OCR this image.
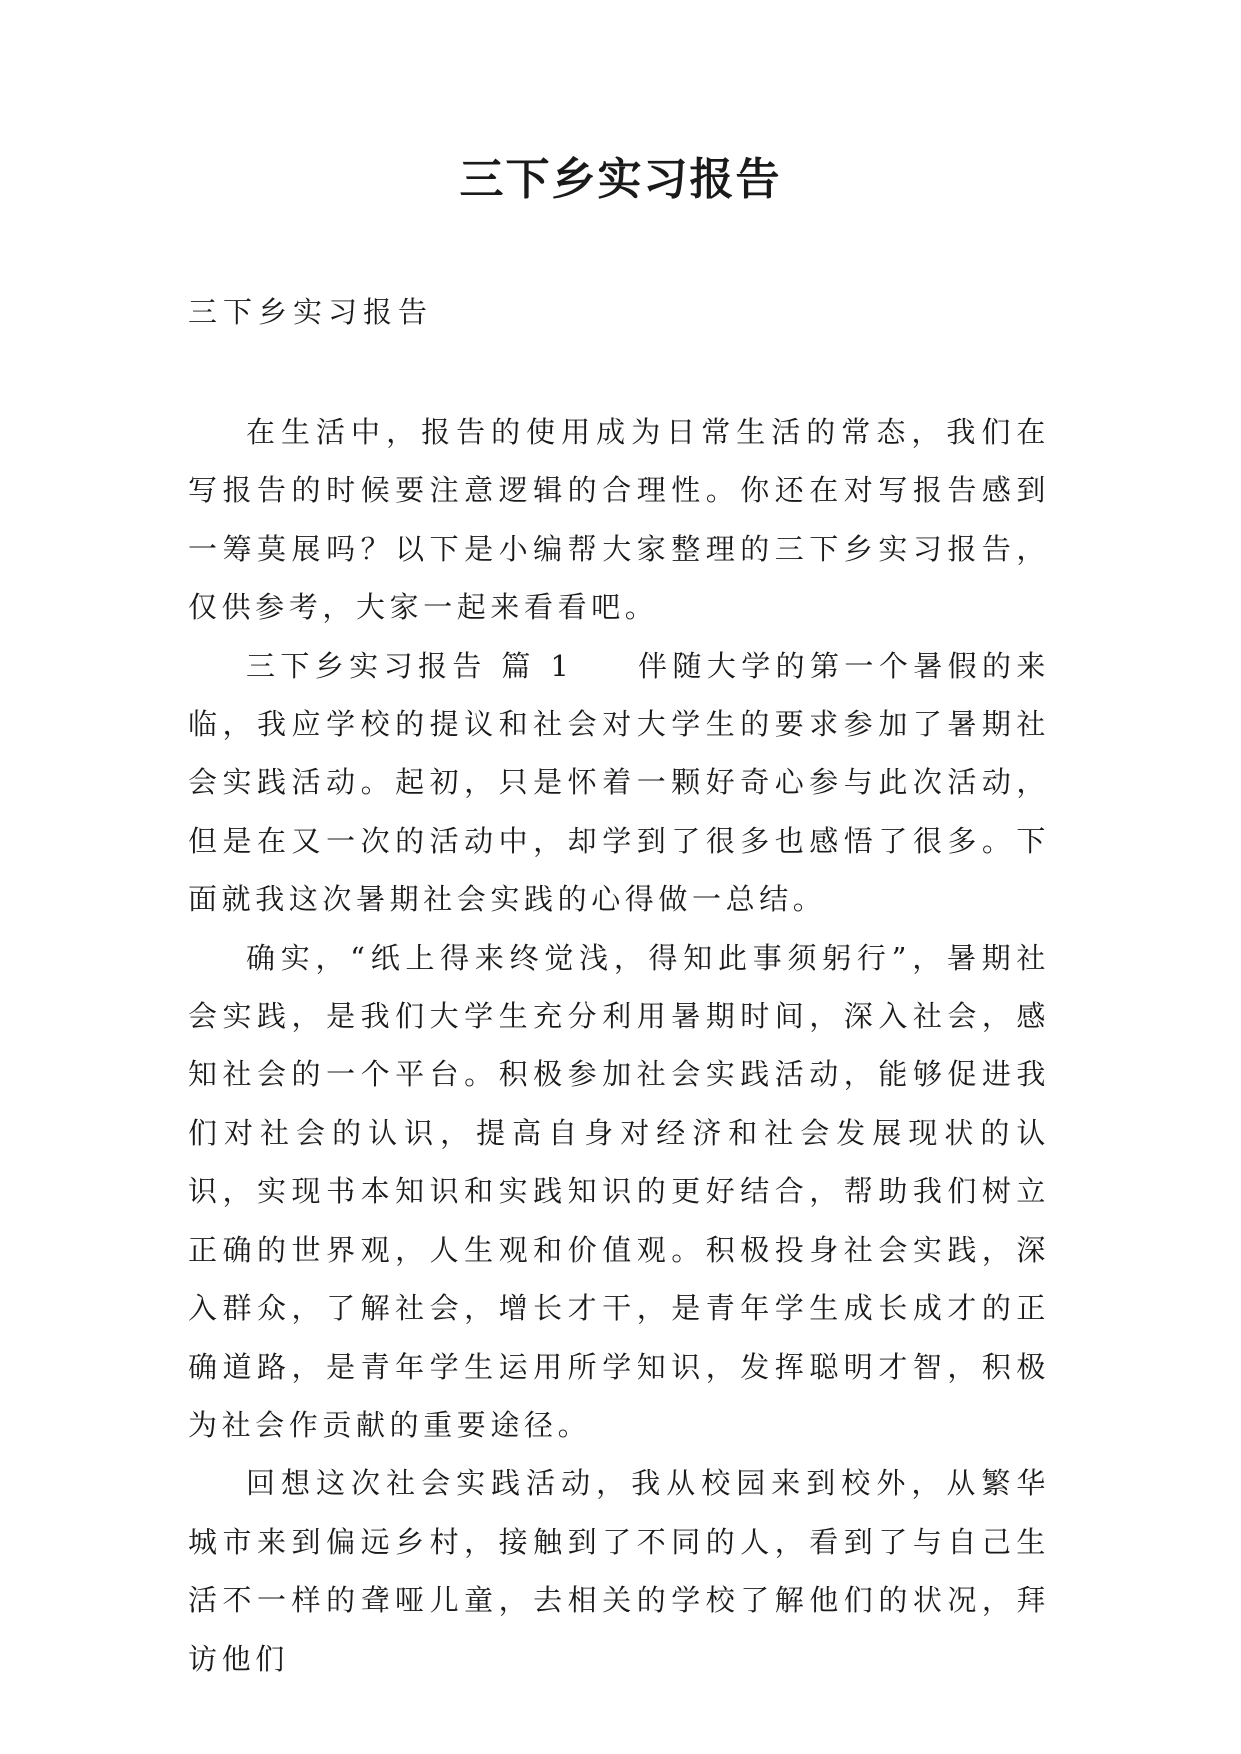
三下乡实习报告

三下乡实习报告

在生活中，报告的使用成为日常生活的常态，我们在写报告的时候要注意逻辑的合理性。你还在对写报告感到一筹莫展吗？以下是小编帮大家整理的三下乡实习报告，仅供参考，大家一起来看看吧。

三下乡实习报告 篇 1 伴随大学的第一个暑假的来临，我应学校的提议和社会对大学生的要求参加了暑期社会实践活动。起初，只是怀着一颗好奇心参与此次活动，但是在又一次的活动中，却学到了很多也感悟了很多。下面就我这次暑期社会实践的心得做一总结。

确实，“纸上得来终觉浅，得知此事须躬行”，暑期社会实践，是我们大学生充分利用暑期时间，深入社会，感知社会的一个平台。积极参加社会实践活动，能够促进我们对社会的认识，提高自身对经济和社会发展现状的认识，实现书本知识和实践知识的更好结合，帮助我们树立正确的世界观，人生观和价值观。积极投身社会实践，深入群众，了解社会，增长才干，是青年学生成长成才的正确道路，是青年学生运用所学知识，发挥聪明才智，积极为社会作贡献的重要途径。

回想这次社会实践活动，我从校园来到校外，从繁华城市来到偏远乡村，接触到了不同的人，看到了与自己生活不一样的聋哑儿童，去相关的学校了解他们的状况，拜访他们
